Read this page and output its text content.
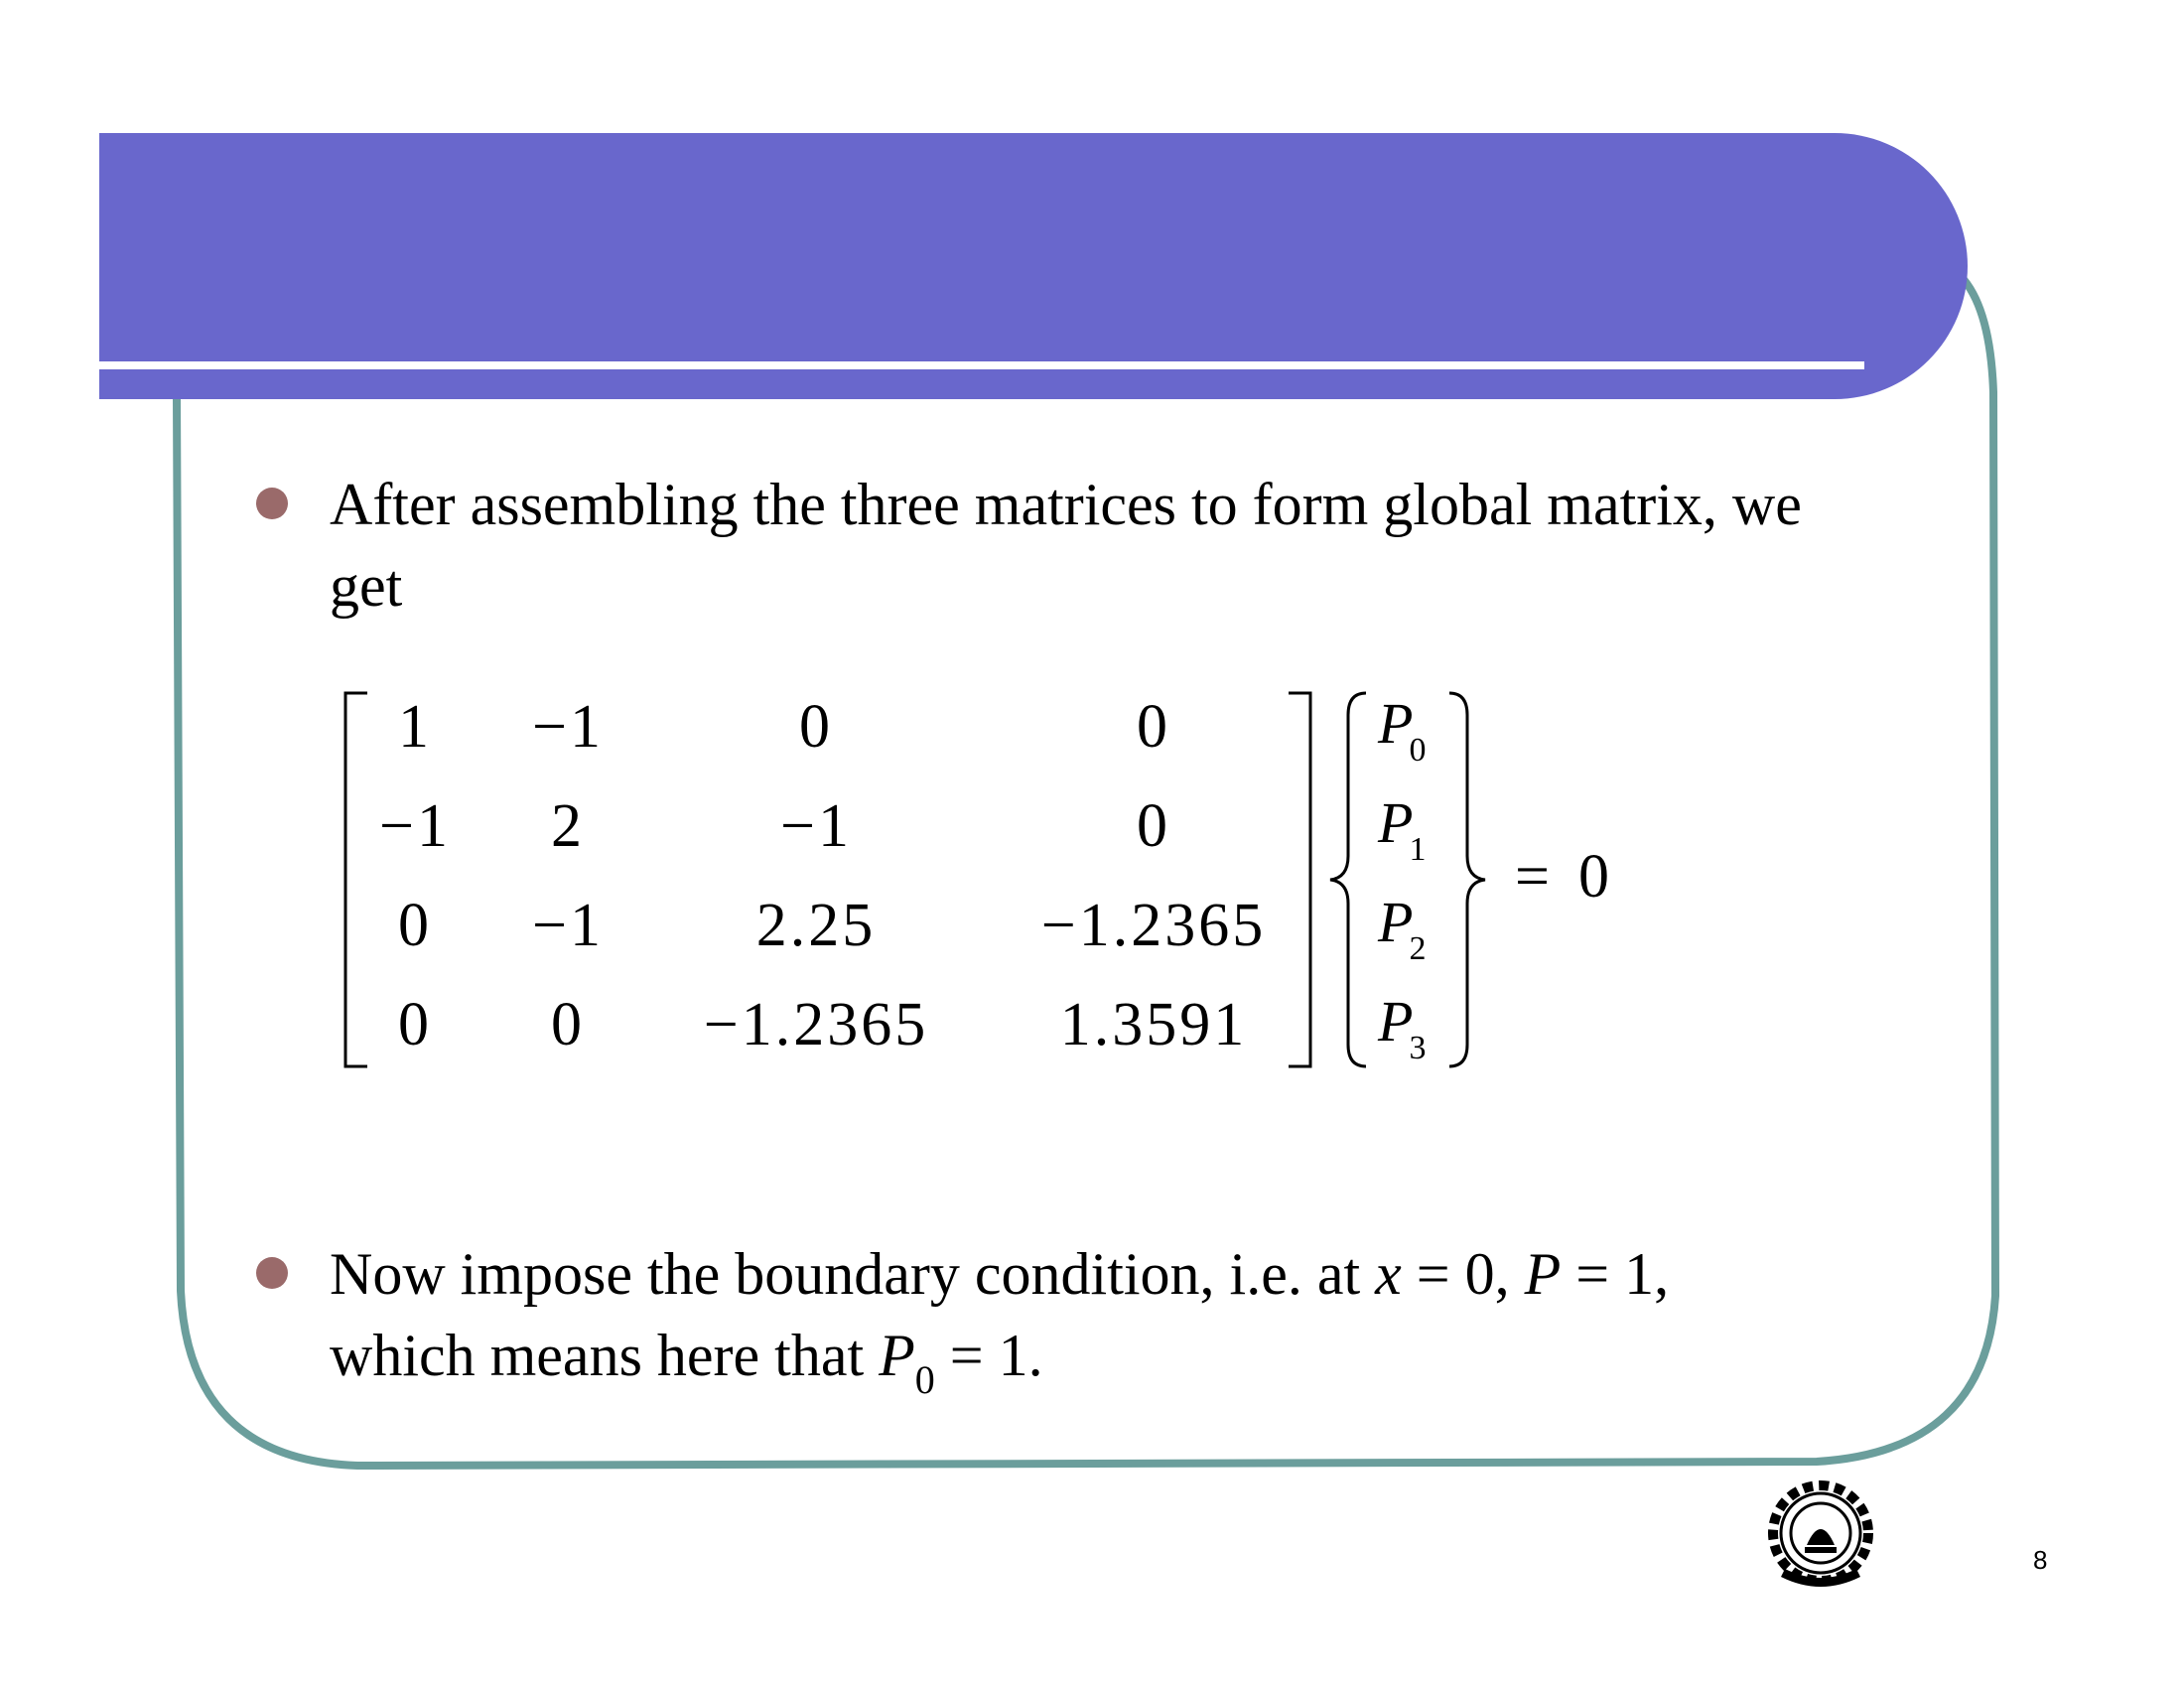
After assembling the three matrices to form global matrix, we
get
1	−1	0	0
−1	2	−1	0
0	−1	2.25	−1.2365
0	0	−1.2365	1.3591
$P_0$
$P_1$
$P_2$
$P_3$
= 0
Now impose the boundary condition, i.e. at x = 0, P = 1,
which means here that $P_0 = 1$.
8
